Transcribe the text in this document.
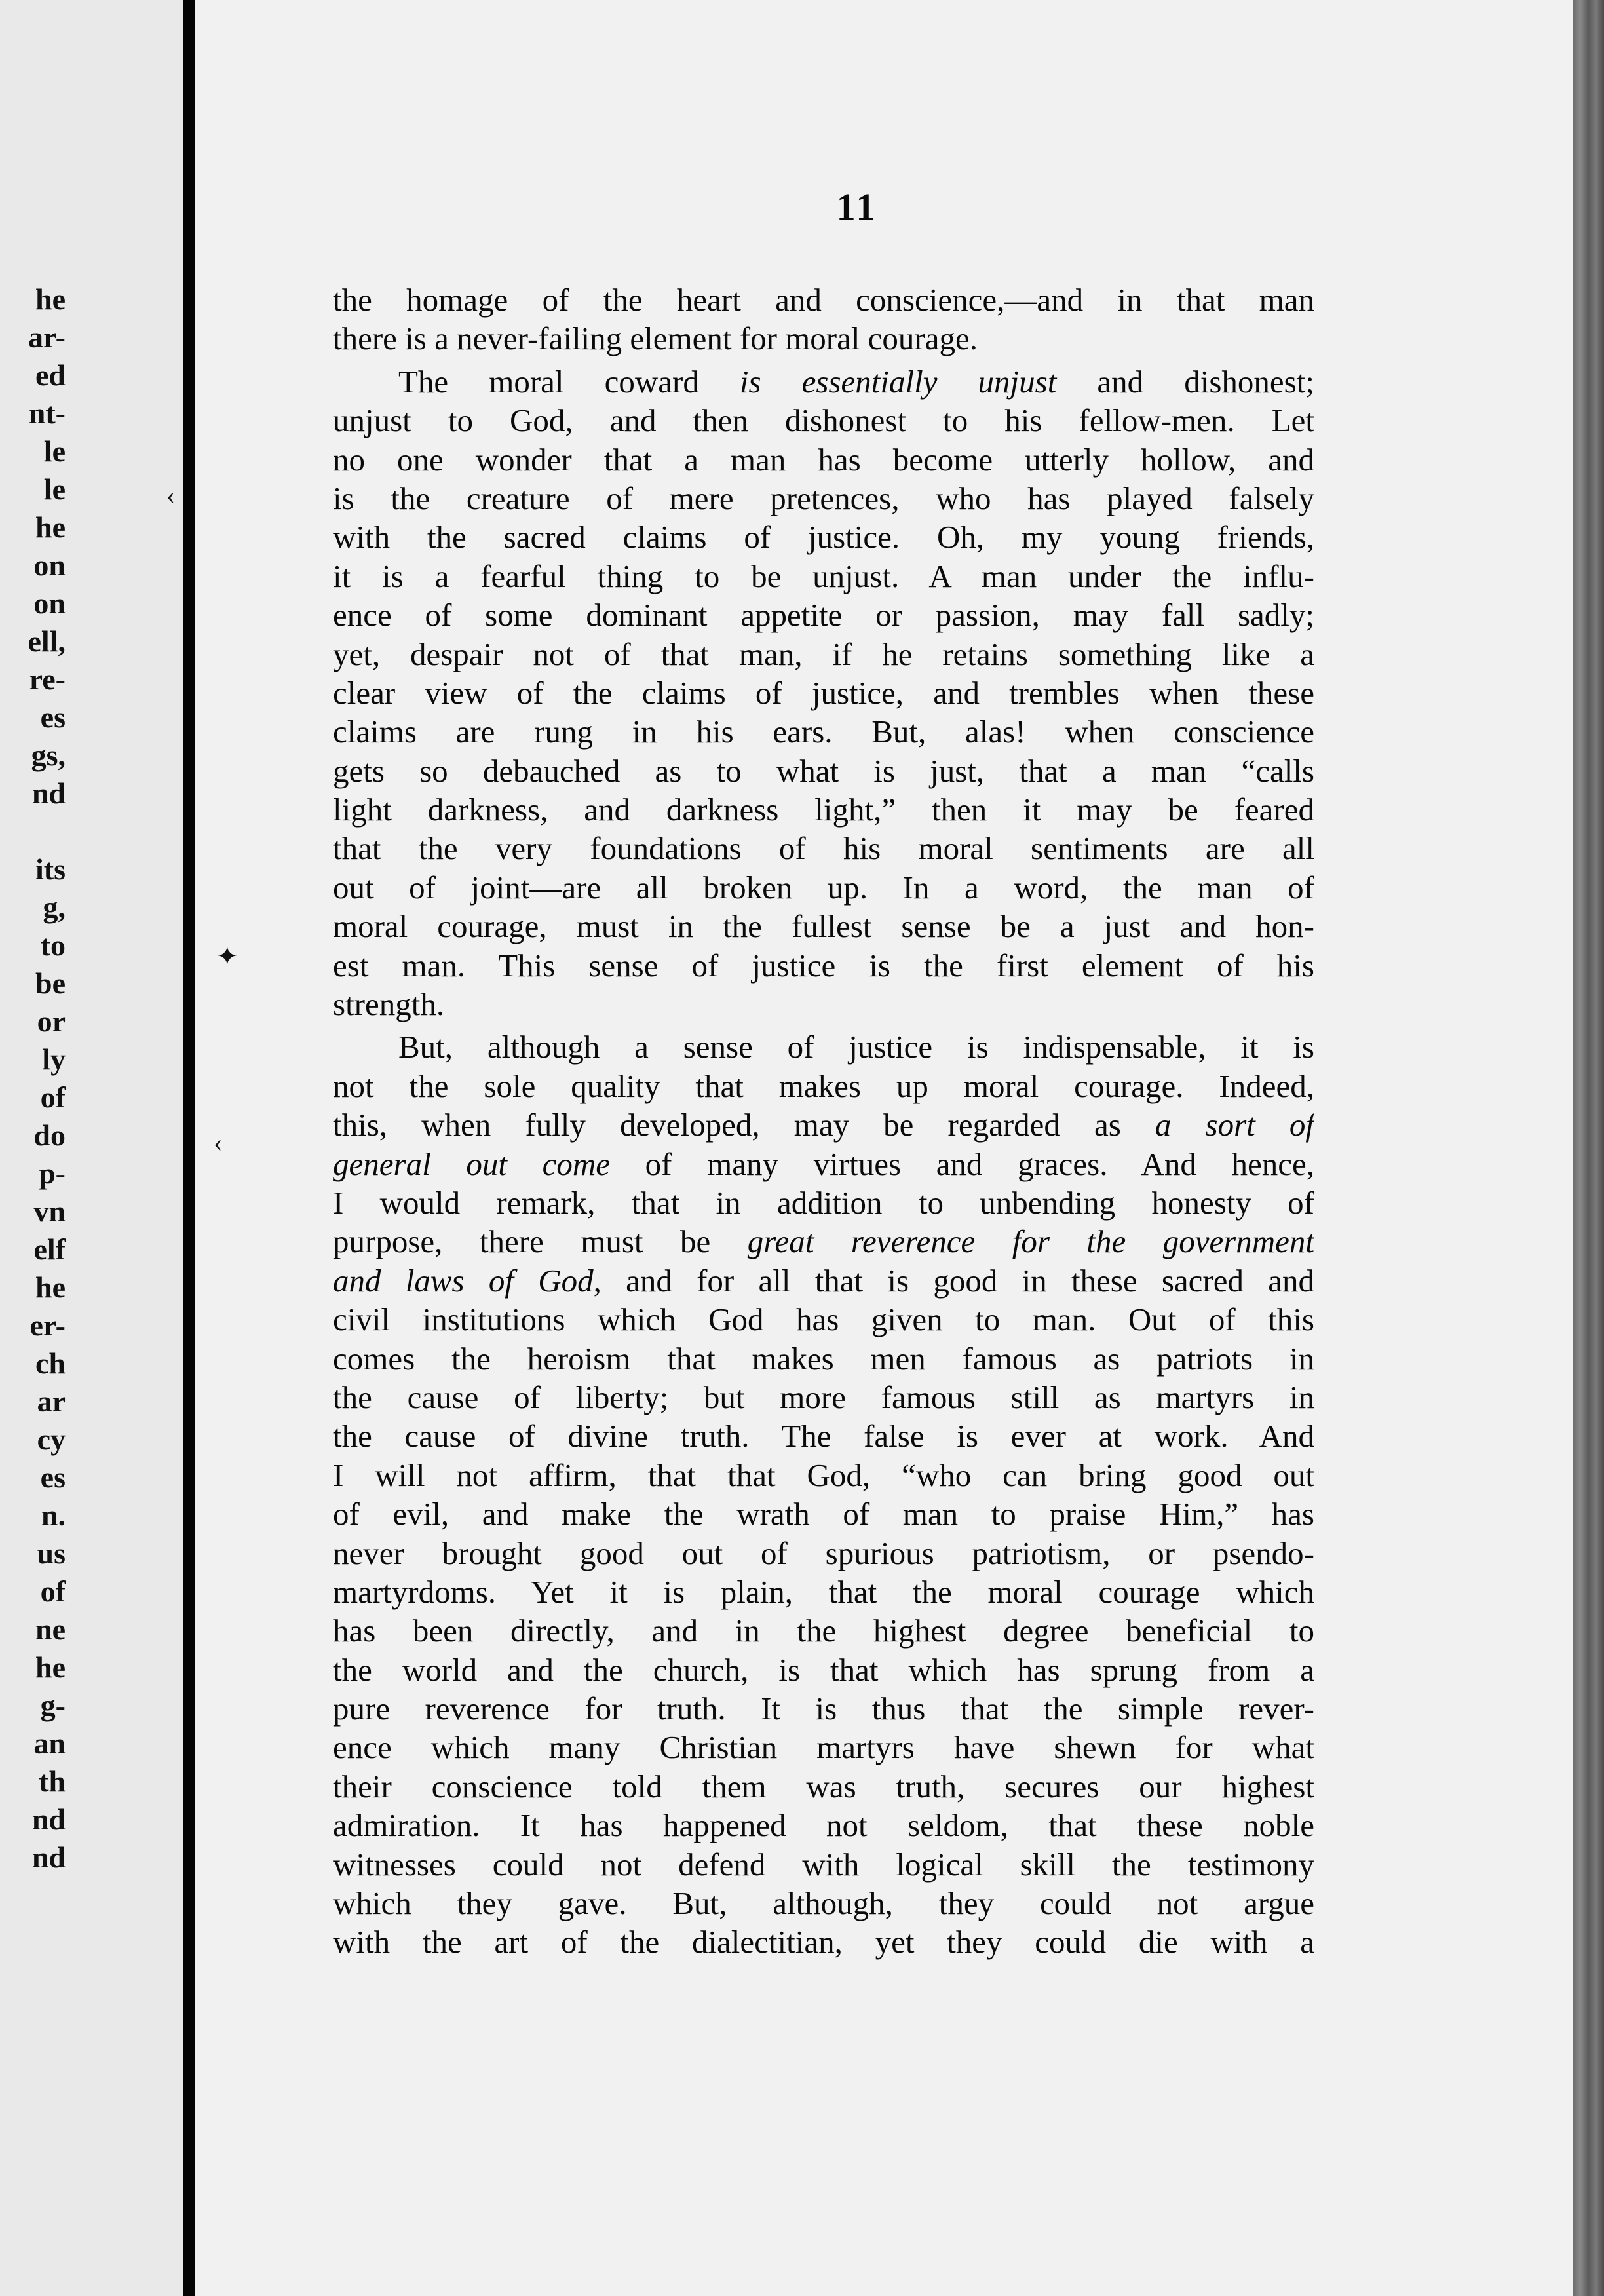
he
ar-
ed
nt-
le
le
he
on
on
ell,
re-
es
gs,
nd

its
g,
to
be
or
ly
of
do
p-
vn
elf
he
er-
ch
ar
cy
es
n.
us
of
ne
he
g-
an
th
nd
nd
11
‹
✦
‹
the homage of the heart and conscience,—and in that man
there is a never-failing element for moral courage.
The moral coward is essentially unjust and dishonest;
unjust to God, and then dishonest to his fellow-men. Let
no one wonder that a man has become utterly hollow, and
is the creature of mere pretences, who has played falsely
with the sacred claims of justice. Oh, my young friends,
it is a fearful thing to be unjust. A man under the influ-
ence of some dominant appetite or passion, may fall sadly;
yet, despair not of that man, if he retains something like a
clear view of the claims of justice, and trembles when these
claims are rung in his ears. But, alas! when conscience
gets so debauched as to what is just, that a man “calls
light darkness, and darkness light,” then it may be feared
that the very foundations of his moral sentiments are all
out of joint—are all broken up. In a word, the man of
moral courage, must in the fullest sense be a just and hon-
est man. This sense of justice is the first element of his
strength.
But, although a sense of justice is indispensable, it is
not the sole quality that makes up moral courage. Indeed,
this, when fully developed, may be regarded as a sort of
general out come of many virtues and graces. And hence,
I would remark, that in addition to unbending honesty of
purpose, there must be great reverence for the government
and laws of God, and for all that is good in these sacred and
civil institutions which God has given to man. Out of this
comes the heroism that makes men famous as patriots in
the cause of liberty; but more famous still as martyrs in
the cause of divine truth. The false is ever at work. And
I will not affirm, that that God, “who can bring good out
of evil, and make the wrath of man to praise Him,” has
never brought good out of spurious patriotism, or psendo-
martyrdoms. Yet it is plain, that the moral courage which
has been directly, and in the highest degree beneficial to
the world and the church, is that which has sprung from a
pure reverence for truth. It is thus that the simple rever-
ence which many Christian martyrs have shewn for what
their conscience told them was truth, secures our highest
admiration. It has happened not seldom, that these noble
witnesses could not defend with logical skill the testimony
which they gave. But, although, they could not argue
with the art of the dialectitian, yet they could die with a
